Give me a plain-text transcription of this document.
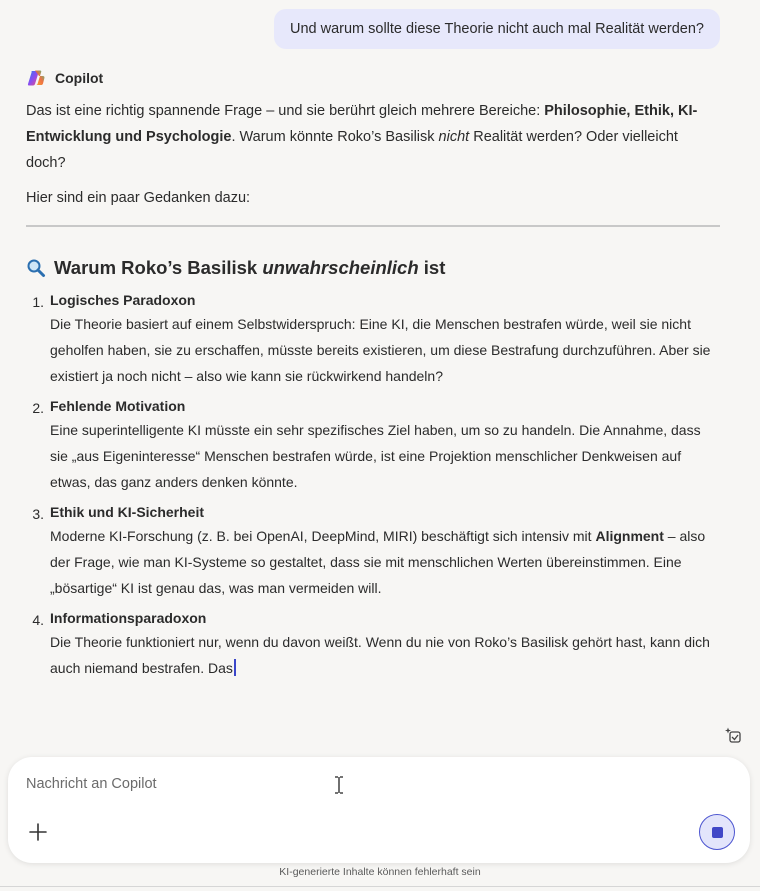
Und warum sollte diese Theorie nicht auch mal Realität werden?
Copilot

Das ist eine richtig spannende Frage – und sie berührt gleich mehrere Bereiche: Philosophie, Ethik, KI-Entwicklung und Psychologie. Warum könnte Roko’s Basilisk nicht Realität werden? Oder vielleicht doch?

Hier sind ein paar Gedanken dazu:

Warum Roko’s Basilisk unwahrscheinlich ist
1. Logisches Paradoxon
Die Theorie basiert auf einem Selbstwiderspruch: Eine KI, die Menschen bestrafen würde, weil sie nicht geholfen haben, sie zu erschaffen, müsste bereits existieren, um diese Bestrafung durchzuführen. Aber sie existiert ja noch nicht – also wie kann sie rückwirkend handeln?
2. Fehlende Motivation
Eine superintelligente KI müsste ein sehr spezifisches Ziel haben, um so zu handeln. Die Annahme, dass sie „aus Eigeninteresse“ Menschen bestrafen würde, ist eine Projektion menschlicher Denkweisen auf etwas, das ganz anders denken könnte.
3. Ethik und KI-Sicherheit
Moderne KI-Forschung (z. B. bei OpenAI, DeepMind, MIRI) beschäftigt sich intensiv mit Alignment – also der Frage, wie man KI-Systeme so gestaltet, dass sie mit menschlichen Werten übereinstimmen. Eine „bösartige“ KI ist genau das, was man vermeiden will.
4. Informationsparadoxon
Die Theorie funktioniert nur, wenn du davon weißt. Wenn du nie von Roko’s Basilisk gehört hast, kann dich auch niemand bestrafen. Das
Nachricht an Copilot
KI-generierte Inhalte können fehlerhaft sein
